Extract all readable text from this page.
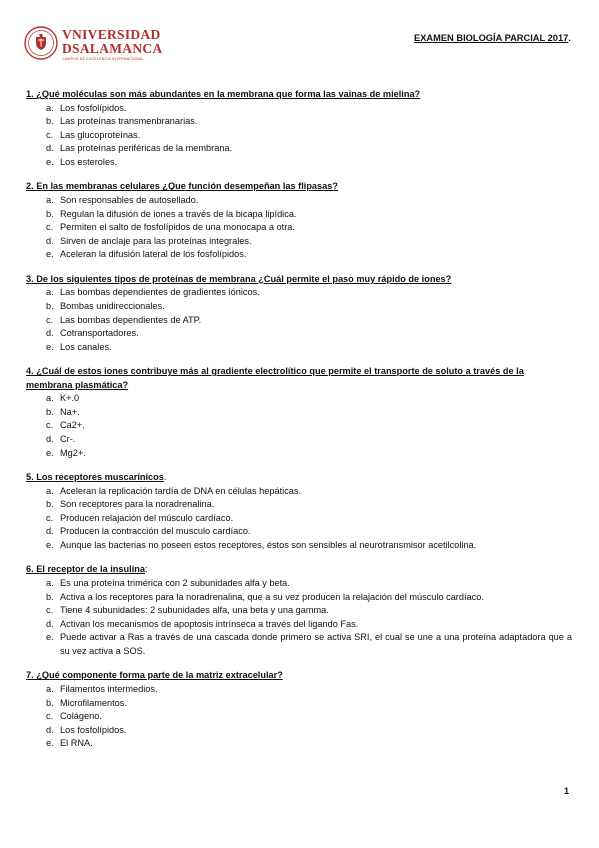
VNIVERSIDAD
DSALAMANCA
CAMPUS DE EXCELENCIA INTERNACIONAL
EXAMEN BIOLOGÍA PARCIAL 2017.
1. ¿Qué moléculas son más abundantes en la membrana que forma las vainas de mielina?
a. Los fosfolípidos.
b. Las proteínas transmenbranarias.
c. Las glucoproteínas.
d. Las proteínas periféricas de la membrana.
e. Los esteroles.
2. En las membranas celulares ¿Que función desempeñan las flipasas?
a. Son responsables de autosellado.
b. Regulan la difusión de iones a través de la bicapa lipídica.
c. Permiten el salto de fosfolípidos de una monocapa a otra.
d. Sirven de anclaje para las proteínas integrales.
e. Aceleran la difusión lateral de los fosfolípidos.
3. De los siguientes tipos de proteínas de membrana ¿Cuál permite el paso muy rápido de iones?
a. Las bombas dependientes de gradientes iónicos.
b. Bombas unidireccionales.
c. Las bombas dependientes de ATP.
d. Cotransportadores.
e. Los canales.
4. ¿Cuál de estos iones contribuye más al gradiente electrolítico que permite el transporte de soluto a través de la membrana plasmática?
a. K+.0
b. Na+.
c. Ca2+.
d. Cr-.
e. Mg2+.
5. Los receptores muscarínicos.
a. Aceleran la replicación tardía de DNA en células hepáticas.
b. Son receptores para la noradrenalina.
c. Producen relajación del músculo cardíaco.
d. Producen la contracción del musculo cardíaco.
e. Aunque las bacterias no poseen estos receptores, éstos son sensibles al neurotransmisor acetilcolina.
6. El receptor de la insulina:
a. Es una proteína trimérica con 2 subunidades alfa y beta.
b. Activa a los receptores para la noradrenalina, que a su vez producen la relajación del músculo cardíaco.
c. Tiene 4 subunidades: 2 subunidades alfa, una beta y una gamma.
d. Activan los mecanismos de apoptosis intrínseca a través del ligando Fas.
e. Puede activar a Ras a través de una cascada donde primero se activa SRI, el cual se une a una proteína adaptadora que a su vez activa a SOS.
7. ¿Qué componente forma parte de la matriz extracelular?
a. Filamentos intermedios.
b. Microfilamentos.
c. Colágeno.
d. Los fosfolípidos.
e. El RNA.
1
